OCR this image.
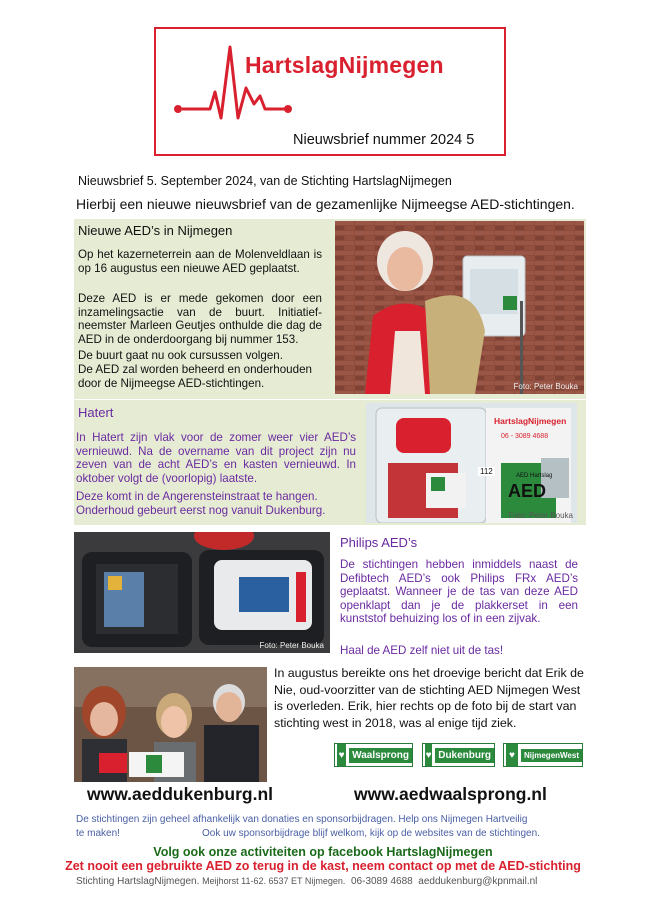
HartslagNijmegen
Nieuwsbrief nummer 2024 5
Nieuwsbrief 5. September 2024, van de Stichting HartslagNijmegen
Hierbij een nieuwe nieuwsbrief van de gezamenlijke Nijmeegse AED-stichtingen.
Nieuwe AED’s in Nijmegen
Op het kazerneterrein aan de Molenveldlaan is op 16 augustus een nieuwe AED geplaatst.
Deze AED is er mede gekomen door een inzamelingsactie van de buurt. Initiatief-neemster Marleen Geutjes onthulde die dag de AED in de onderdoorgang bij nummer 153.
De buurt gaat nu ook cursussen volgen.
De AED zal worden beheerd en onderhouden door de Nijmeegse AED-stichtingen.	Foto: Peter Bouka
Hatert
In Hatert zijn vlak voor de zomer weer vier AED’s vernieuwd. Na de overname van dit project zijn nu zeven van de acht AED’s en kasten vernieuwd. In oktober volgt de (voorlopig) laatste.
Deze komt in de Angerensteinstraat te hangen.
Onderhoud gebeurt eerst nog vanuit Dukenburg.
HartslagNijmegen
06 - 3089 4688
AED
AED Hartslag
112
Foto: Peter Bouka
Foto: Peter Bouka
Philips AED’s
De stichtingen hebben inmiddels naast de Defibtech AED’s ook Philips FRx AED’s geplaatst. Wanneer je de tas van deze AED openklapt dan je de plakkerset in een kunststof behuizing los of in een zijvak.
Haal de AED zelf niet uit de tas!
In augustus bereikte ons het droevige bericht dat Erik de Nie, oud-voorzitter van de stichting AED Nijmegen West is overleden. Erik, hier rechts op de foto bij de start van stichting west in 2018, was al enige tijd ziek.
♥ Waalsprong	♥ Dukenburg	♥	NijmegenWest
www.aeddukenburg.nl	www.aedwaalsprong.nl
De stichtingen zijn geheel afhankelijk van donaties en sponsorbijdragen. Help ons Nijmegen Hartveilig
te maken!	Ook uw sponsorbijdrage blijf welkom, kijk op de websites van de stichtingen.
Volg ook onze activiteiten op facebook HartslagNijmegen
Zet nooit een gebruikte AED zo terug in de kast, neem contact op met de AED-stichting
Stichting HartslagNijmegen. Meijhorst 11-62. 6537 ET Nijmegen. 06-3089 4688 aeddukenburg@kpnmail.nl
